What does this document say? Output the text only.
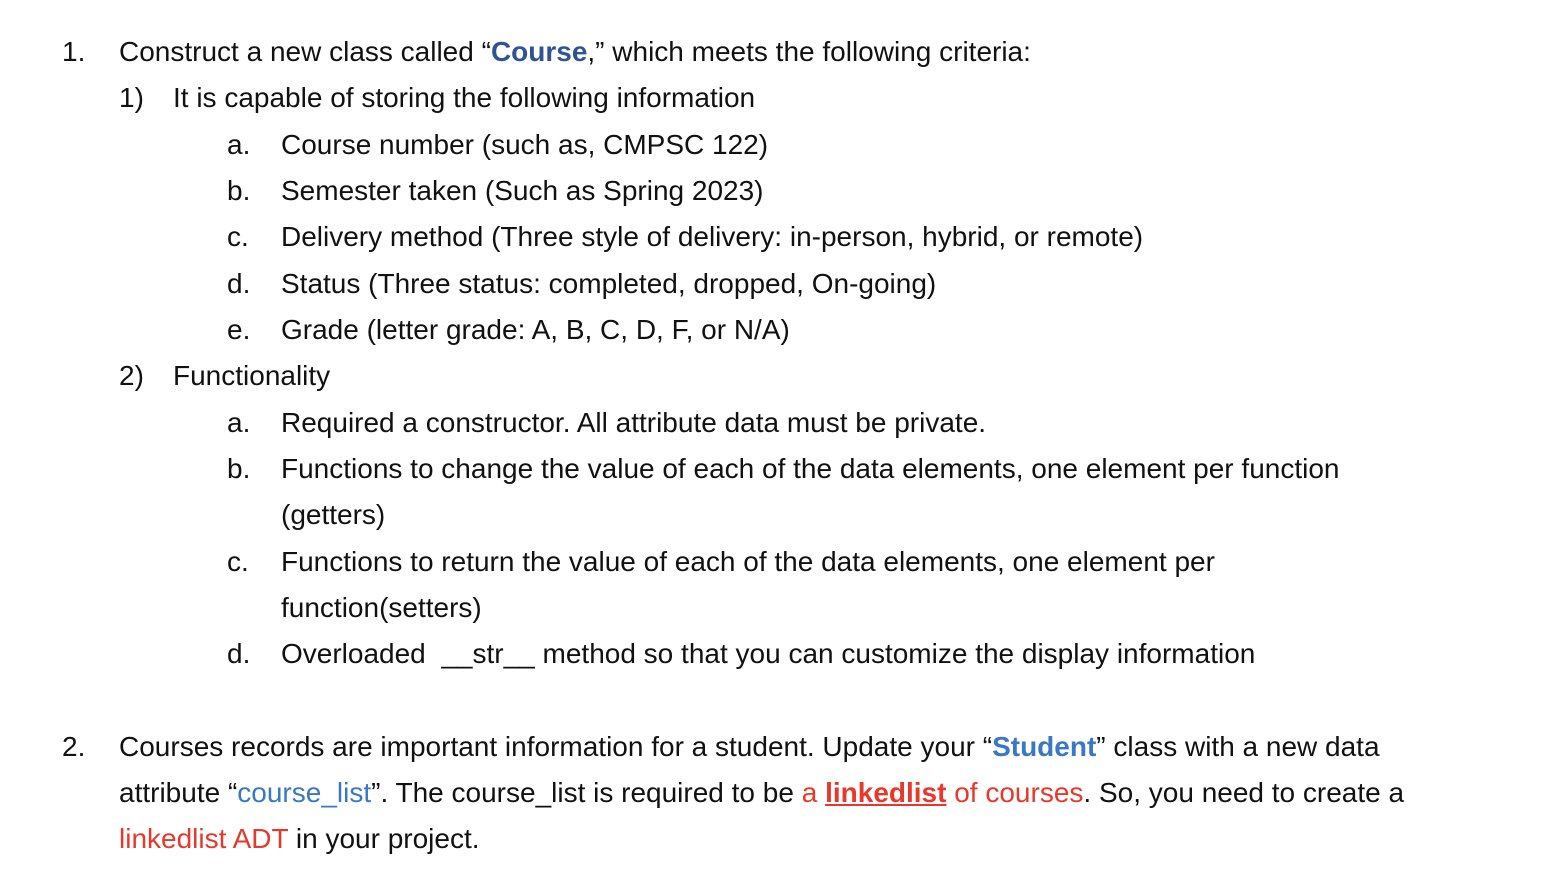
1. Construct a new class called “Course,” which meets the following criteria:
1) It is capable of storing the following information
a. Course number (such as, CMPSC 122)
b. Semester taken (Such as Spring 2023)
c. Delivery method (Three style of delivery: in-person, hybrid, or remote)
d. Status (Three status: completed, dropped, On-going)
e. Grade (letter grade: A, B, C, D, F, or N/A)
2) Functionality
a. Required a constructor. All attribute data must be private.
b. Functions to change the value of each of the data elements, one element per function
(getters)
c. Functions to return the value of each of the data elements, one element per
function(setters)
d. Overloaded  __str__ method so that you can customize the display information
2. Courses records are important information for a student. Update your “Student” class with a new data
attribute “course_list”. The course_list is required to be a linkedlist of courses. So, you need to create a
linkedlist ADT in your project.
